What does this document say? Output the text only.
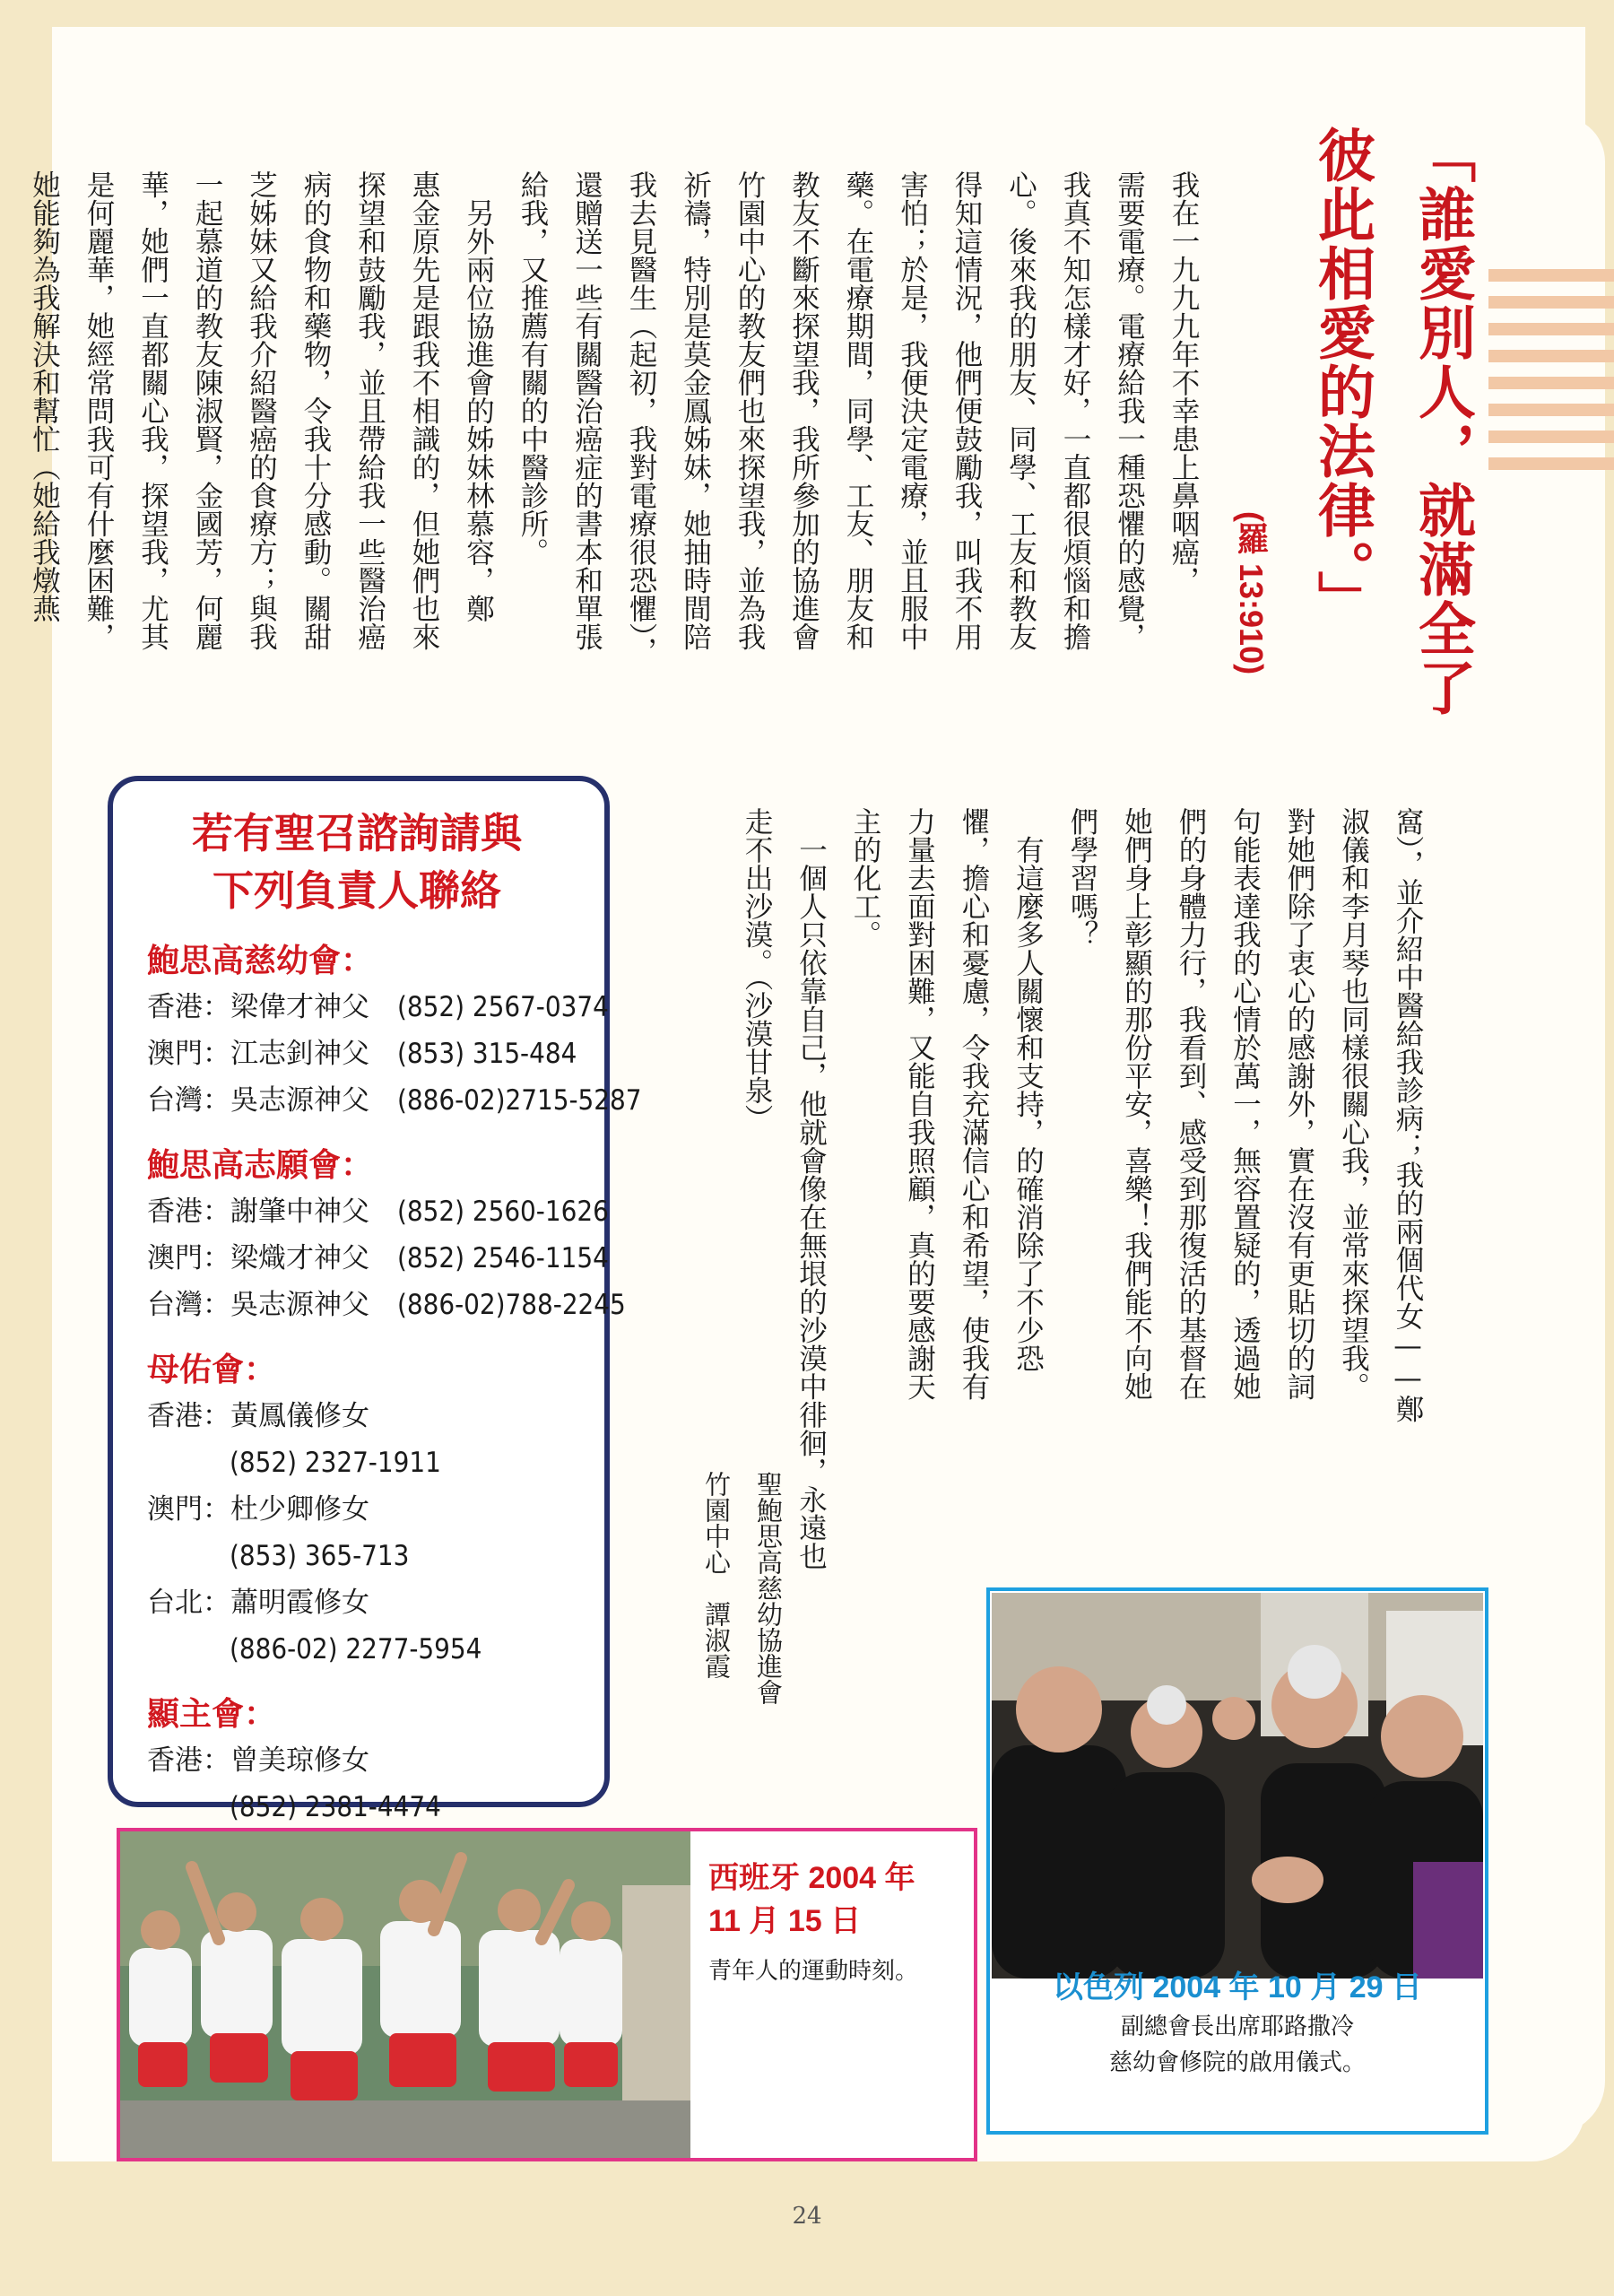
「誰愛別人，就滿全了
彼此相愛的法律。」
(羅 13:910)
我在一九九九年不幸患上鼻咽癌，
需要電療。電療給我一種恐懼的感覺，
我真不知怎樣才好，一直都很煩惱和擔
心。後來我的朋友、同學、工友和教友
得知這情況，他們便鼓勵我，叫我不用
害怕；於是，我便決定電療，並且服中
藥。在電療期間，同學、工友、朋友和
教友不斷來探望我，我所參加的協進會
竹園中心的教友們也來探望我，並為我
祈禱，特別是莫金鳳姊妹，她抽時間陪
我去見醫生（起初，我對電療很恐懼），
還贈送一些有關醫治癌症的書本和單張
給我，又推薦有關的中醫診所。
　另外兩位協進會的姊妹林慕容，鄭
惠金原先是跟我不相識的，但她們也來
探望和鼓勵我，並且帶給我一些醫治癌
病的食物和藥物，令我十分感動。關甜
芝姊妹又給我介紹醫癌的食療方；與我
一起慕道的教友陳淑賢，金國芳，何麗
華，她們一直都關心我，探望我，尤其
是何麗華，她經常問我可有什麼困難，
她能夠為我解決和幫忙（她給我燉燕
窩），並介紹中醫給我診病；我的兩個代女——鄭
淑儀和李月琴也同樣很關心我，並常來探望我。
對她們除了衷心的感謝外，實在沒有更貼切的詞
句能表達我的心情於萬一，無容置疑的，透過她
們的身體力行，我看到、感受到那復活的基督在
她們身上彰顯的那份平安，喜樂！我們能不向她
們學習嗎？
　有這麼多人關懷和支持，的確消除了不少恐
懼，擔心和憂慮，令我充滿信心和希望，使我有
力量去面對困難，又能自我照顧，真的要感謝天
主的化工。
　一個人只依靠自己，他就會像在無垠的沙漠中徘徊，永遠也
走不出沙漠。（沙漠甘泉）
聖鮑思高慈幼協進會
竹園中心　譚淑霞
若有聖召諮詢請與
下列負責人聯絡
鮑思高慈幼會：
香港：梁偉才神父　(852) 2567-0374
澳門：江志釗神父　(853) 315-484
台灣：吳志源神父　(886-02)2715-5287
鮑思高志願會：
香港：謝肇中神父　(852) 2560-1626
澳門：梁熾才神父　(852) 2546-1154
台灣：吳志源神父　(886-02)788-2245
母佑會：
香港：黃鳳儀修女
(852) 2327-1911
澳門：杜少卿修女
(853) 365-713
台北：蕭明霞修女
(886-02) 2277-5954
顯主會：
香港：曾美琼修女
(852) 2381-4474
西班牙 2004 年
11 月 15 日
青年人的運動時刻。	以色列 2004 年 10 月 29 日
副總會長出席耶路撒冷
慈幼會修院的啟用儀式。
24
